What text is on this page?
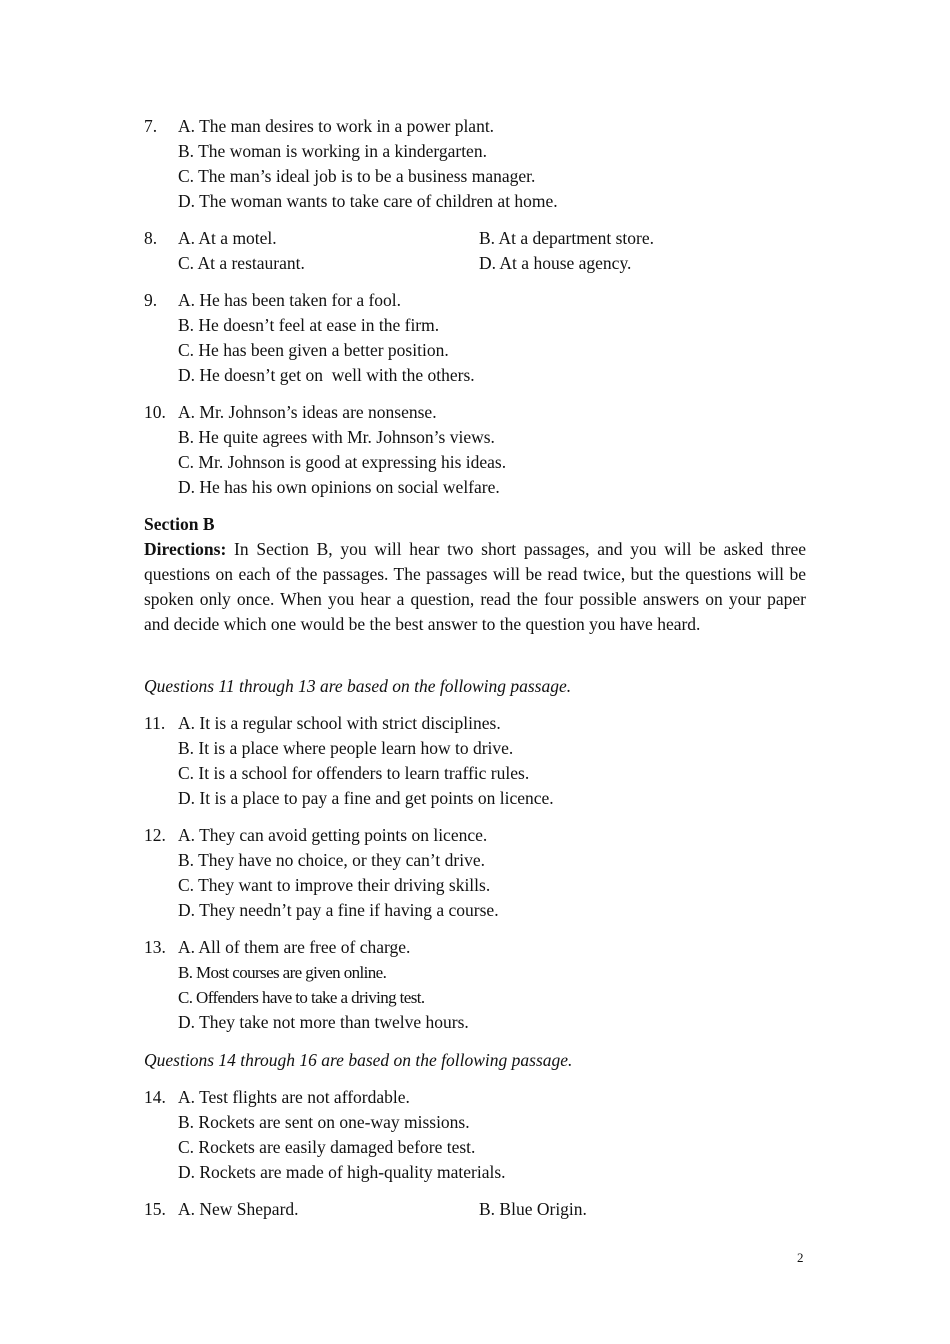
7. A. The man desires to work in a power plant.
B. The woman is working in a kindergarten.
C. The man’s ideal job is to be a business manager.
D. The woman wants to take care of children at home.
8. A. At a motel.	B. At a department store.
C. At a restaurant.	D. At a house agency.
9. A. He has been taken for a fool.
B. He doesn’t feel at ease in the firm.
C. He has been given a better position.
D. He doesn’t get on  well with the others.
10. A. Mr. Johnson’s ideas are nonsense.
B. He quite agrees with Mr. Johnson’s views.
C. Mr. Johnson is good at expressing his ideas.
D. He has his own opinions on social welfare.
Section B
Directions: In Section B, you will hear two short passages, and you will be asked three questions on each of the passages. The passages will be read twice, but the questions will be spoken only once. When you hear a question, read the four possible answers on your paper and decide which one would be the best answer to the question you have heard.
Questions 11 through 13 are based on the following passage.
11. A. It is a regular school with strict disciplines.
B. It is a place where people learn how to drive.
C. It is a school for offenders to learn traffic rules.
D. It is a place to pay a fine and get points on licence.
12. A. They can avoid getting points on licence.
B. They have no choice, or they can’t drive.
C. They want to improve their driving skills.
D. They needn’t pay a fine if having a course.
13. A. All of them are free of charge.
B. Most courses are given online.
C. Offenders have to take a driving test.
D. They take not more than twelve hours.
Questions 14 through 16 are based on the following passage.
14. A. Test flights are not affordable.
B. Rockets are sent on one-way missions.
C. Rockets are easily damaged before test.
D. Rockets are made of high-quality materials.
15. A. New Shepard.	B. Blue Origin.
2
